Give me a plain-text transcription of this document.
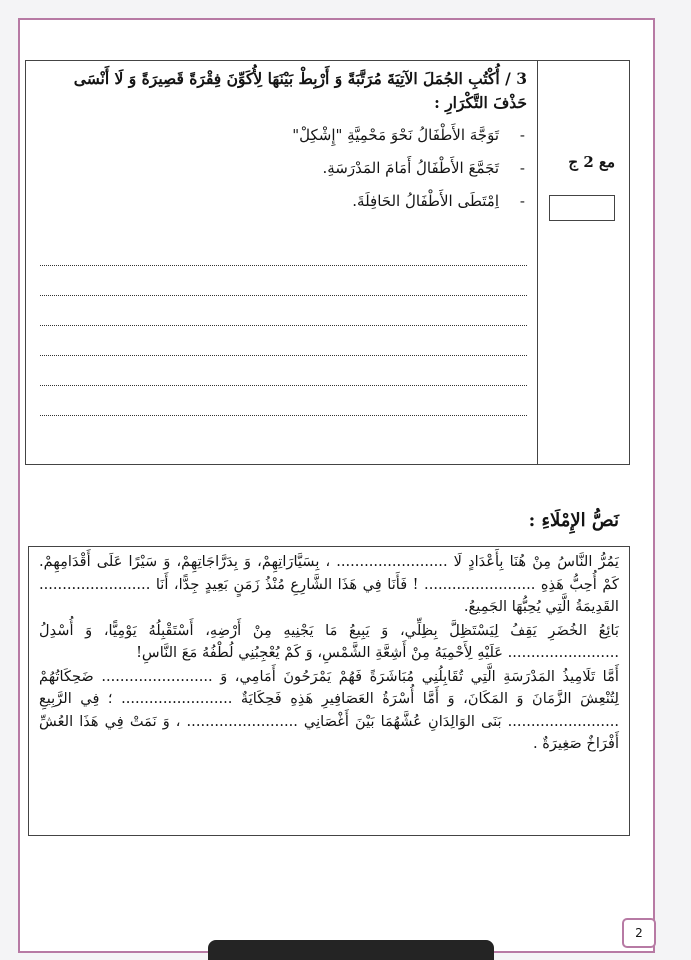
مع 2 ج

3 / أُكْتُبِ الجُمَلَ الآتِيَةَ مُرَتَّبَةً وَ أَرْبِطْ بَيْنَهَا لِأُكَوِّنَ فِقْرَةً قَصِيرَةً وَ لَا أَنْسَى حَذْفَ التَّكْرَارِ :

- تَوَجَّهَ الأَطْفَالُ نَحْوَ مَحْمِيَّةِ "إِشْكِلْ"
- تَجَمَّعَ الأَطْفَالُ أَمَامَ المَدْرَسَةِ.
- اِمْتَطَى الأَطْفَالُ الحَافِلَةَ.
نَصُّ الإِمْلَاءِ :

يَمُرُّ النَّاسُ مِنْ هُنَا بِأَعْدَادٍ لَا ........................ ، بِسَيَّارَاتِهِمْ، وَ بِدَرَّاجَاتِهِمْ، وَ سَيْرًا عَلَى أَقْدَامِهِمْ. كَمْ أُحِبُّ هَذِهِ ........................ ! فَأَنَا فِي هَذَا الشَّارِعِ مُنْذُ زَمَنٍ بَعِيدٍ جِدًّا، أَنَا ........................ القَدِيمَةُ الَّتِي يُحِبُّهَا الجَمِيعُ.

بَائِعُ الخُضَرِ يَقِفُ لِيَسْتَظِلَّ بِظِلِّي، وَ يَبِيعُ مَا يَجْنِيهِ مِنْ أَرْضِهِ، أَسْتَقْبِلُهُ يَوْمِيًّا، وَ أُسْدِلُ ........................ عَلَيْهِ لِأَحْمِيَهُ مِنْ أَشِعَّةِ الشَّمْسِ، وَ كَمْ يُعْجِبُنِي لُطْفُهُ مَعَ النَّاسِ!

أَمَّا تَلَامِيذُ المَدْرَسَةِ الَّتِي تُقَابِلُنِي مُبَاشَرَةً فَهُمْ يَمْرَحُونَ أَمَامِي، وَ ........................ ضَحِكَاتُهُمْ لِتُنْعِشَ الزَّمَانَ وَ المَكَانَ، وَ أَمَّا أُسْرَةُ العَصَافِيرِ هَذِهِ فَحِكَايَةٌ ........................ ؛ فِي الرَّبِيعِ ........................ بَنَى الوَالِدَانِ عُشَّهُمَا بَيْنَ أَغْصَانِي ........................ ، وَ نَمَتْ فِي هَذَا العُشِّ أَفْرَاخٌ صَغِيرَةٌ .

2
